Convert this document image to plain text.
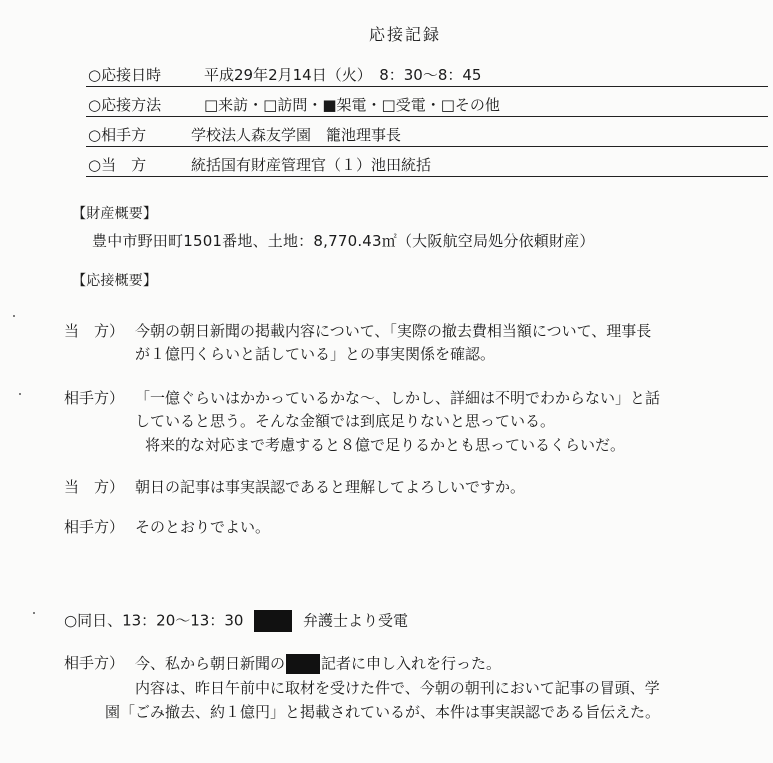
応接記録
○応接日時	平成29年2月14日（火）　8：30～8：45
○応接方法	□来訪・□訪問・■架電・□受電・□その他
○相手方	学校法人森友学園　籠池理事長
○当　方	統括国有財産管理官（１）池田統括
【財産概要】
豊中市野田町1501番地、土地：8,770.43㎡（大阪航空局処分依頼財産）
【応接概要】
当　方） 今朝の朝日新聞の掲載内容について、「実際の撤去費相当額について、理事長
が１億円くらいと話している」との事実関係を確認。
相手方） 「一億ぐらいはかかっているかな～、しかし、詳細は不明でわからない」と話
していると思う。そんな金額では到底足りないと思っている。
将来的な対応まで考慮すると８億で足りるかとも思っているくらいだ。
当　方） 朝日の記事は事実誤認であると理解してよろしいですか。
相手方） そのとおりでよい。
○同日、13：20～13：30	弁護士より受電
相手方） 今、私から朝日新聞の 記者に申し入れを行った。
内容は、昨日午前中に取材を受けた件で、今朝の朝刊において記事の冒頭、学
園「ごみ撤去、約１億円」と掲載されているが、本件は事実誤認である旨伝えた。
